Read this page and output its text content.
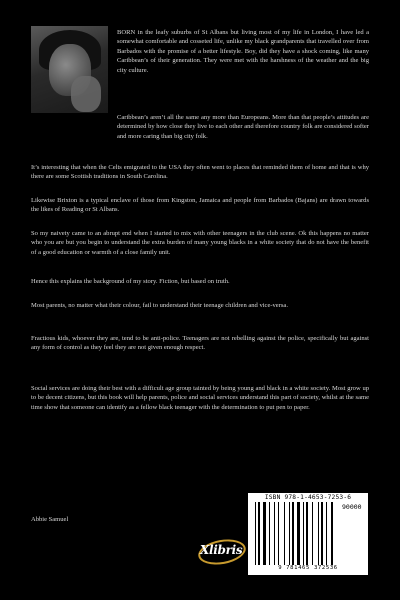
BORN in the leafy suburbs of St Albans but living most of my life in London, I have led a somewhat comfortable and cosseted life, unlike my black grandparents that travelled over from Barbados with the promise of a better lifestyle. Boy, did they have a shock coming, like many Caribbean’s of their generation. They were met with the harshness of the weather and the big city culture.

Caribbean’s aren’t all the same any more than Europeans. More than that people’s attitudes are determined by how close they live to each other and therefore country folk are considered softer and more caring than big city folk.

It’s interesting that when the Celts emigrated to the USA they often went to places that reminded them of home and that is why there are some Scottish traditions in South Carolina.

Likewise Brixton is a typical enclave of those from Kingston, Jamaica and people from Barbados (Bajans) are drawn towards the likes of Reading or St Albans.

So my naivety came to an abrupt end when I started to mix with other teenagers in the club scene. Ok this happens no matter who you are but you begin to understand the extra burden of many young blacks in a white society that do not have the benefit of a good education or warmth of a close family unit.

Hence this explains the background of my story. Fiction, but based on truth.

Most parents, no matter what their colour, fail to understand their teenage children and vice-versa.

Fractious kids, whoever they are, tend to be anti-police. Teenagers are not rebelling against the police, specifically but against any form of control as they feel they are not given enough respect.

Social services are doing their best with a difficult age group tainted by being young and black in a white society. Most grow up to be decent citizens, but this book will help parents, police and social services understand this part of society, whilst at the same time show that someone can identify as a fellow black teenager with the determination to put pen to paper.

Abbie Samuel
Xlibris
ISBN 978-1-4653-7253-6
90000
9 781465 372536
